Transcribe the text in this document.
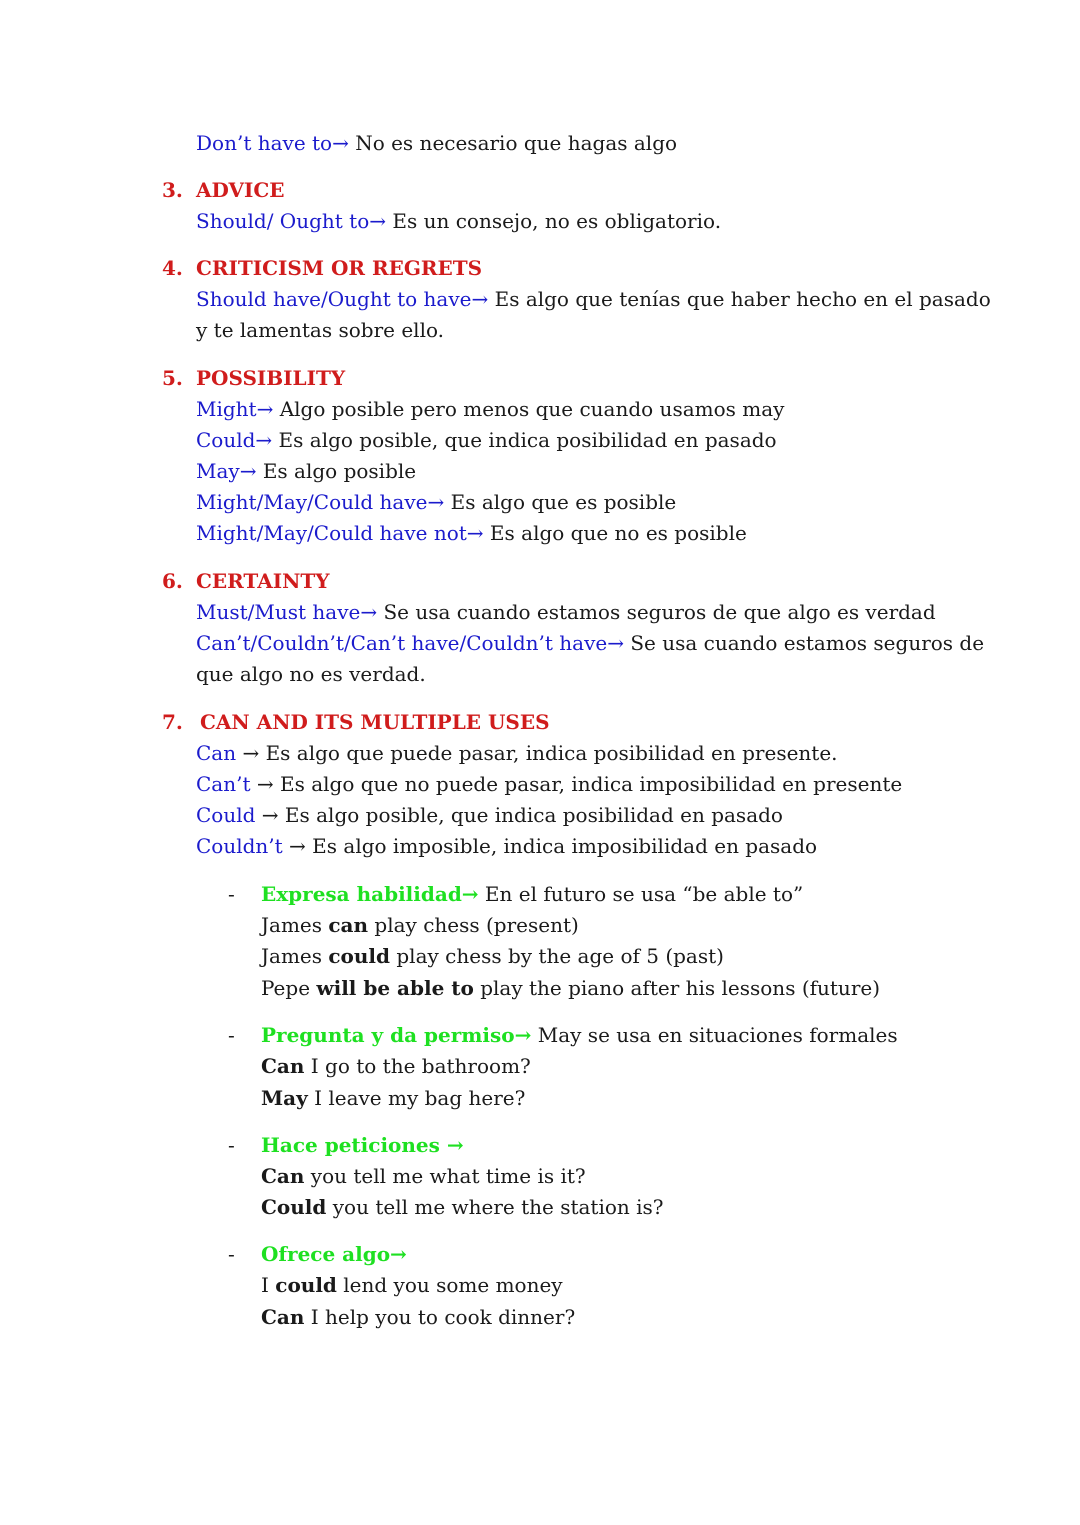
Don’t have to→ No es necesario que hagas algo
3. ADVICE
Should/ Ought to→ Es un consejo, no es obligatorio.
4. CRITICISM OR REGRETS
Should have/Ought to have→ Es algo que tenías que haber hecho en el pasado
y te lamentas sobre ello.
5. POSSIBILITY
Might→ Algo posible pero menos que cuando usamos may
Could→ Es algo posible, que indica posibilidad en pasado
May→ Es algo posible
Might/May/Could have→ Es algo que es posible
Might/May/Could have not→ Es algo que no es posible
6. CERTAINTY
Must/Must have→ Se usa cuando estamos seguros de que algo es verdad
Can’t/Couldn’t/Can’t have/Couldn’t have→ Se usa cuando estamos seguros de
que algo no es verdad.
7. CAN AND ITS MULTIPLE USES
Can → Es algo que puede pasar, indica posibilidad en presente.
Can’t → Es algo que no puede pasar, indica imposibilidad en presente
Could → Es algo posible, que indica posibilidad en pasado
Couldn’t → Es algo imposible, indica imposibilidad en pasado
- Expresa habilidad→ En el futuro se usa “be able to”
James can play chess (present)
James could play chess by the age of 5 (past)
Pepe will be able to play the piano after his lessons (future)
- Pregunta y da permiso→ May se usa en situaciones formales
Can I go to the bathroom?
May I leave my bag here?
- Hace peticiones →
Can you tell me what time is it?
Could you tell me where the station is?
- Ofrece algo→
I could lend you some money
Can I help you to cook dinner?
